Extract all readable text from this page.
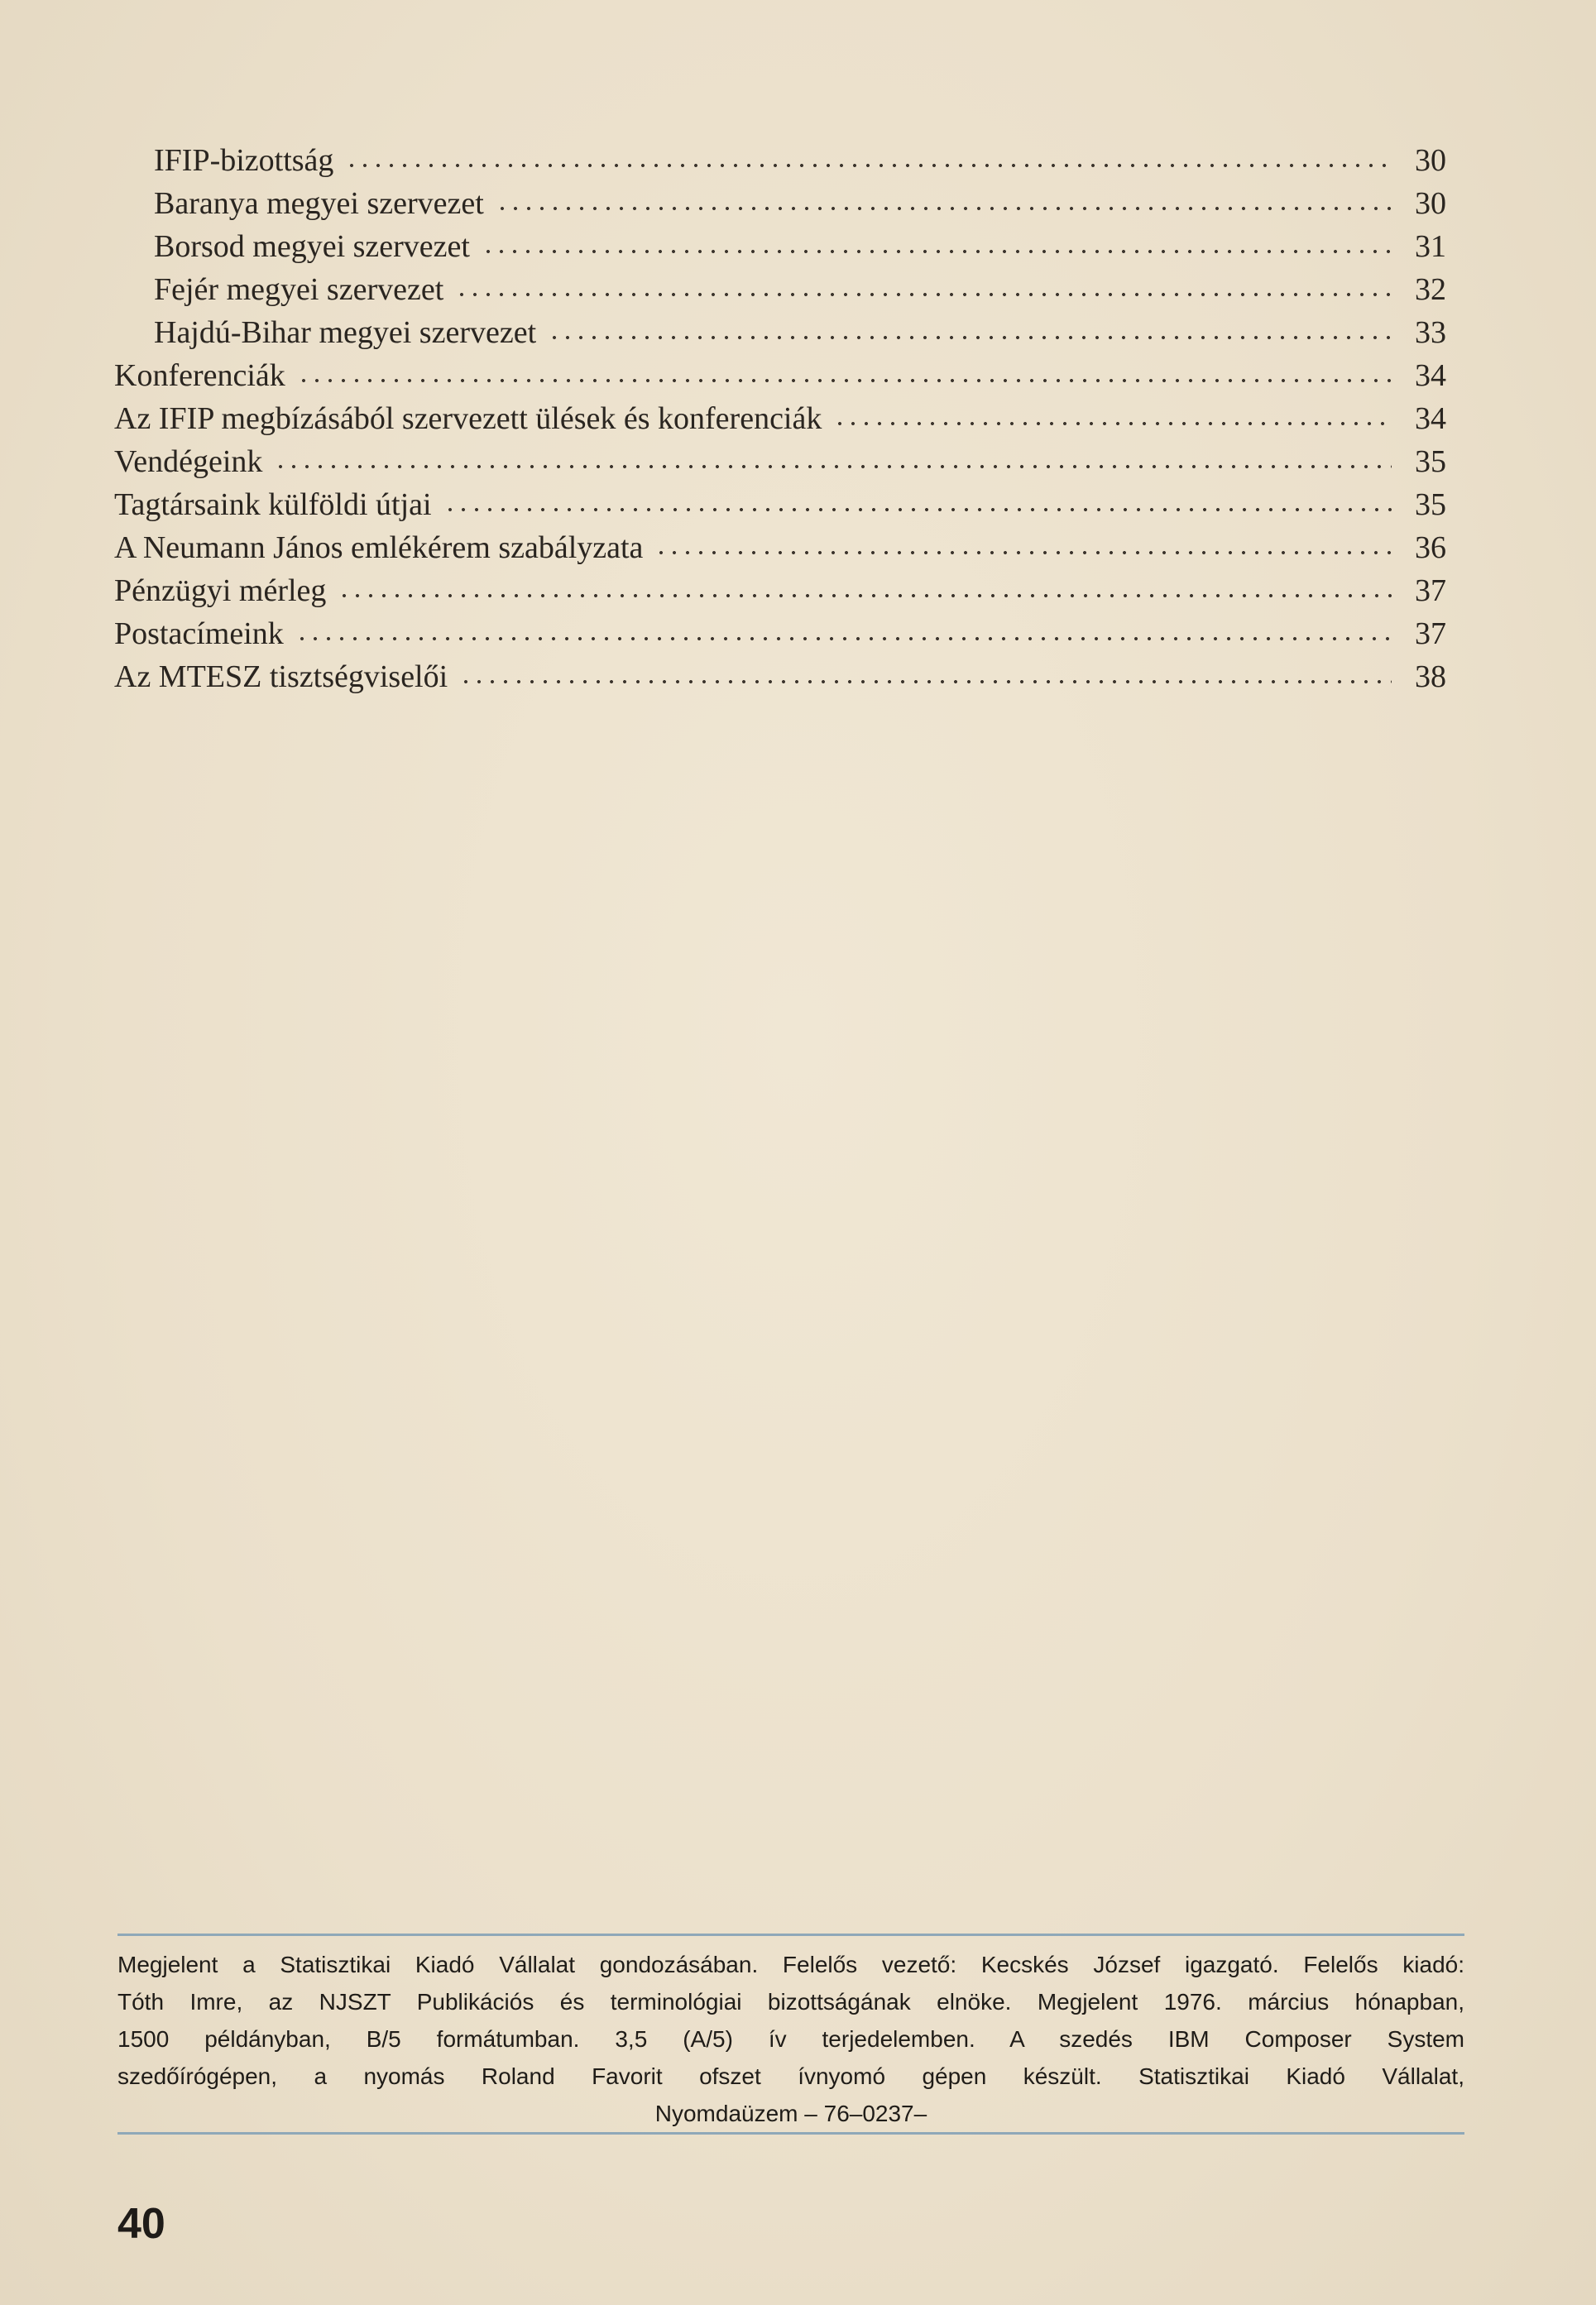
IFIP-bizottság	30
Baranya megyei szervezet	30
Borsod megyei szervezet	31
Fejér megyei szervezet	32
Hajdú-Bihar megyei szervezet	33
Konferenciák	34
Az IFIP megbízásából szervezett ülések és konferenciák	34
Vendégeink	35
Tagtársaink külföldi útjai	35
A Neumann János emlékérem szabályzata	36
Pénzügyi mérleg	37
Postacímeink	37
Az MTESZ tisztségviselői	38
Megjelent a Statisztikai Kiadó Vállalat gondozásában. Felelős vezető: Kecskés József igazgató. Felelős kiadó:
Tóth Imre, az NJSZT Publikációs és terminológiai bizottságának elnöke. Megjelent 1976. március hónapban,
1500 példányban, B/5 formátumban. 3,5 (A/5) ív terjedelemben. A szedés IBM Composer System
szedőírógépen, a nyomás Roland Favorit ofszet ívnyomó gépen készült. Statisztikai Kiadó Vállalat,
Nyomdaüzem – 76–0237–
40
